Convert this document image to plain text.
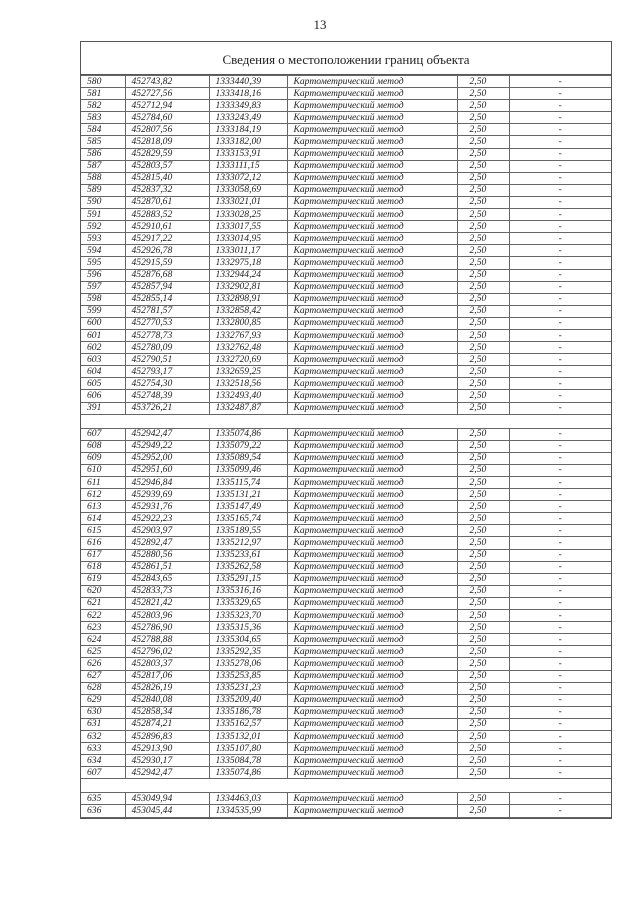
13
Сведения о местоположении границ объекта
580	452743,82	1333440,39	Картометрический метод	2,50	-
581	452727,56	1333418,16	Картометрический метод	2,50	-
582	452712,94	1333349,83	Картометрический метод	2,50	-
583	452784,60	1333243,49	Картометрический метод	2,50	-
584	452807,56	1333184,19	Картометрический метод	2,50	-
585	452818,09	1333182,00	Картометрический метод	2,50	-
586	452829,59	1333153,91	Картометрический метод	2,50	-
587	452803,57	1333111,15	Картометрический метод	2,50	-
588	452815,40	1333072,12	Картометрический метод	2,50	-
589	452837,32	1333058,69	Картометрический метод	2,50	-
590	452870,61	1333021,01	Картометрический метод	2,50	-
591	452883,52	1333028,25	Картометрический метод	2,50	-
592	452910,61	1333017,55	Картометрический метод	2,50	-
593	452917,22	1333014,95	Картометрический метод	2,50	-
594	452926,78	1333011,17	Картометрический метод	2,50	-
595	452915,59	1332975,18	Картометрический метод	2,50	-
596	452876,68	1332944,24	Картометрический метод	2,50	-
597	452857,94	1332902,81	Картометрический метод	2,50	-
598	452855,14	1332898,91	Картометрический метод	2,50	-
599	452781,57	1332858,42	Картометрический метод	2,50	-
600	452770,53	1332800,85	Картометрический метод	2,50	-
601	452778,73	1332767,93	Картометрический метод	2,50	-
602	452780,09	1332762,48	Картометрический метод	2,50	-
603	452790,51	1332720,69	Картометрический метод	2,50	-
604	452793,17	1332659,25	Картометрический метод	2,50	-
605	452754,30	1332518,56	Картометрический метод	2,50	-
606	452748,39	1332493,40	Картометрический метод	2,50	-
391	453726,21	1332487,87	Картометрический метод	2,50	-

607	452942,47	1335074,86	Картометрический метод	2,50	-
608	452949,22	1335079,22	Картометрический метод	2,50	-
609	452952,00	1335089,54	Картометрический метод	2,50	-
610	452951,60	1335099,46	Картометрический метод	2,50	-
611	452946,84	1335115,74	Картометрический метод	2,50	-
612	452939,69	1335131,21	Картометрический метод	2,50	-
613	452931,76	1335147,49	Картометрический метод	2,50	-
614	452922,23	1335165,74	Картометрический метод	2,50	-
615	452903,97	1335189,55	Картометрический метод	2,50	-
616	452892,47	1335212,97	Картометрический метод	2,50	-
617	452880,56	1335233,61	Картометрический метод	2,50	-
618	452861,51	1335262,58	Картометрический метод	2,50	-
619	452843,65	1335291,15	Картометрический метод	2,50	-
620	452833,73	1335316,16	Картометрический метод	2,50	-
621	452821,42	1335329,65	Картометрический метод	2,50	-
622	452803,96	1335323,70	Картометрический метод	2,50	-
623	452786,90	1335315,36	Картометрический метод	2,50	-
624	452788,88	1335304,65	Картометрический метод	2,50	-
625	452796,02	1335292,35	Картометрический метод	2,50	-
626	452803,37	1335278,06	Картометрический метод	2,50	-
627	452817,06	1335253,85	Картометрический метод	2,50	-
628	452826,19	1335231,23	Картометрический метод	2,50	-
629	452840,08	1335209,40	Картометрический метод	2,50	-
630	452858,34	1335186,78	Картометрический метод	2,50	-
631	452874,21	1335162,57	Картометрический метод	2,50	-
632	452896,83	1335132,01	Картометрический метод	2,50	-
633	452913,90	1335107,80	Картометрический метод	2,50	-
634	452930,17	1335084,78	Картометрический метод	2,50	-
607	452942,47	1335074,86	Картометрический метод	2,50	-

635	453049,94	1334463,03	Картометрический метод	2,50	-
636	453045,44	1334535,99	Картометрический метод	2,50	-
